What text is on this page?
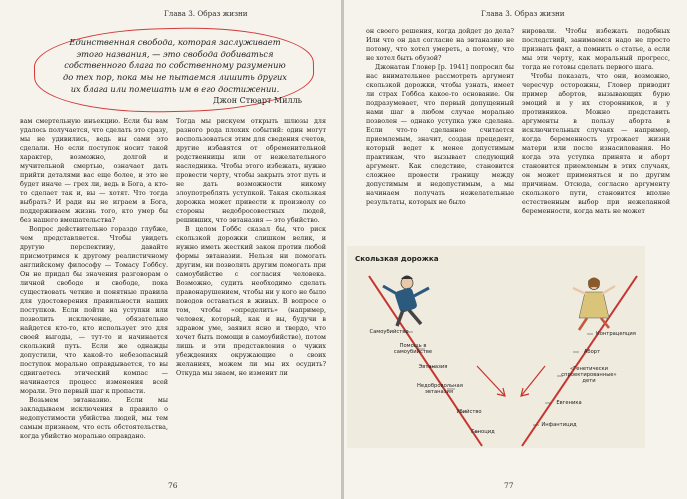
Глава 3. Образ жизни
Единственная свобода, которая заслуживает этого названия, — это свобода добиваться собственного блага по собственному разумению до тех пор, пока мы не пытаемся лишить других их блага или помешать им в его достижении.
Джон Стюарт Милль

вам смертельную инъекцию. Если бы вам удалось получается, что сделать это сразу, мы не удивились, ведь вы сами это сделали. Но если поступок носит такой характер, возможно, долгой и мучительной смертью, означает дать прийти деталями вас еще более, и это не будет иначе — грех ли, ведь в Бога, а кто-то сделает так и, вы — хотят. Что тогда выбрать? И ради вы не играем в Бога, поддерживаем жизнь того, кто умер бы без нашего вмешательства?

Вопрос действительно гораздо глубже, чем представляется. Чтобы увидеть другую перспективу, давайте присмотримся к другому реалистичному английскому философу — Томасу Гоббсу. Он не придал бы значения разговорам о личной свободе и свободе, пока существовать четкие и понятные правила для удостоверения правильности наших поступков. Если пойти на уступки или позволить исключение, обязательно найдется кто-то, кто использует это для своей выгоды, — тут-то и начинается скользкий путь. Если же однажды допустили, что какой-то небезопасный поступок морально оправдывается, то вы сдвигаетесь этический компас — начинается процесс изменения всей морали. Это первый шаг к пропасти.

Возьмем эвтаназию. Если мы закладываем исключения в правило о недопустимости убийства людей, мы тем самым признаем, что есть обстоятельства, когда убийство морально оправдано.

Тогда мы рискуем открыть шлюзы для разного рода плохих событий: один могут воспользоваться этим для сведения счетов, другие избавятся от обременительной родственницы или от нежелательного наследника. Чтобы этого избежать, нужно провести черту, чтобы закрыть этот путь и не дать возможности никому злоупотреблять уступкой. Такая скользкая дорожка может привести к произволу со стороны недобросовестных людей, решивших, что эвтаназия — это убийство.

В целом Гоббс сказал бы, что риск скользкой дорожки слишком велик, и нужно иметь жесткий закон против любой формы эвтаназии. Нельзя ни помогать другим, ни позволять другим помогать при самоубийстве с согласия человека. Возможно, судить необходимо сделать правонарушением, чтобы ни у кого не было поводов оставаться в живых. В вопросе о том, чтобы «определить» (например, человек, который, как и вы, будучи в здравом уме, заявил ясно и твердо, что хочет быть помощи в самоубийстве), потом лишь и эти представления о чужих убеждениях окружающие о своих желаниях, можем ли мы их осудить? Откуда мы знаем, не изменит ли

76
Глава 3. Образ жизни

он своего решения, когда дойдет до дела? Или что он дал согласие на эвтаназию не потому, что хотел умереть, а потому, что не хотел быть обузой?

Джонатан Гловер [р. 1941] попросил бы нас внимательнее рассмотреть аргумент скользкой дорожки, чтобы узнать, имеет ли страх Гоббса какое-то основание. Он подразумевает, что первый допущенный нами шаг в любом случае морально позволен — однако уступка уже сделана. Если что-то сделанное считается приемлемым, значит, создан прецедент, который ведет к менее допустимым практикам, что вызывает следующий аргумент. Как следствие, становится сложнее провести границу между допустимым и недопустимым, а мы начинаем получать нежелательные результаты, которых не было

нировали. Чтобы избежать подобных последствий, занимаемся надо не просто признать факт, а помнить о статье, а если мы эти черту, как моральный прогресс, тогда не готовы сделать первого шага.

Чтобы показать, что они, возможно, чересчур осторожны, Гловер приводит пример абортов, вызывающих бурю эмоций и у их сторонников, и у противников. Можно представить аргументы в пользу аборта в исключительных случаях — например, когда беременность угрожает жизни матери или после изнасилования. Но когда эта уступка принята и аборт становится приемлемым в этих случаях, он может применяться и по другим причинам. Отсюда, согласно аргументу скользкого пути, становится вполне естественным выбор при нежеланной беременности, когда мать не может

Скользкая дорожка
Самоубийство
Помощь в самоубийстве
Эвтаназия
Недобровольная эвтаназия
Убийство
Геноцид
Контрацепция
Аборт
«Генетически спроектированные» дети
Евгеника
Инфантицид
77
